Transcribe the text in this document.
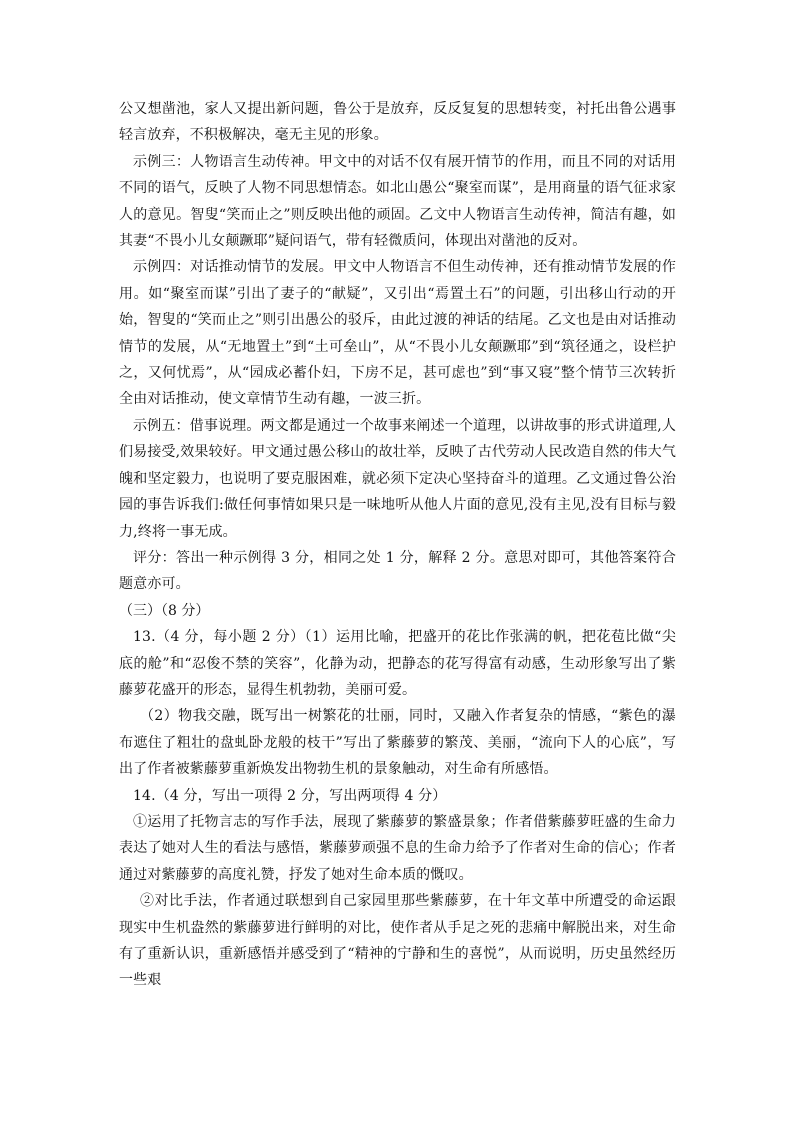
公又想凿池，家人又提出新问题，鲁公于是放弃，反反复复的思想转变，衬托出鲁公遇事轻言放弃，不积极解决，毫无主见的形象。

示例三：人物语言生动传神。甲文中的对话不仅有展开情节的作用，而且不同的对话用不同的语气，反映了人物不同思想情态。如北山愚公“聚室而谋”，是用商量的语气征求家人的意见。智叟“笑而止之”则反映出他的顽固。乙文中人物语言生动传神，简洁有趣，如其妻“不畏小儿女颠蹶耶”疑问语气，带有轻微质问，体现出对凿池的反对。

示例四：对话推动情节的发展。甲文中人物语言不但生动传神，还有推动情节发展的作用。如“聚室而谋”引出了妻子的“献疑”，又引出“焉置土石”的问题，引出移山行动的开始，智叟的“笑而止之”则引出愚公的驳斥，由此过渡的神话的结尾。乙文也是由对话推动情节的发展，从“无地置土”到“土可垒山”，从“不畏小儿女颠蹶耶”到“筑径通之，设栏护之，又何忧焉”，从“园成必蓄仆妇，下房不足，甚可虑也”到“事又寝”整个情节三次转折全由对话推动，使文章情节生动有趣，一波三折。

示例五：借事说理。两文都是通过一个故事来阐述一个道理，以讲故事的形式讲道理,人们易接受,效果较好。甲文通过愚公移山的故壮举，反映了古代劳动人民改造自然的伟大气魄和坚定毅力，也说明了要克服困难，就必须下定决心坚持奋斗的道理。乙文通过鲁公治园的事告诉我们:做任何事情如果只是一味地听从他人片面的意见,没有主见,没有目标与毅力,终将一事无成。

评分：答出一种示例得 3 分，相同之处 1 分，解释 2 分。意思对即可，其他答案符合题意亦可。

（三）（8 分）

13.（4 分，每小题 2 分）（1）运用比喻，把盛开的花比作张满的帆，把花苞比做“尖底的舱”和“忍俊不禁的笑容”，化静为动，把静态的花写得富有动感，生动形象写出了紫藤萝花盛开的形态，显得生机勃勃，美丽可爱。

（2）物我交融，既写出一树繁花的壮丽，同时，又融入作者复杂的情感，“紫色的瀑布遮住了粗壮的盘虬卧龙般的枝干”写出了紫藤萝的繁茂、美丽，“流向下人的心底”，写出了作者被紫藤萝重新焕发出物勃生机的景象触动，对生命有所感悟。

14.（4 分，写出一项得 2 分，写出两项得 4 分）

①运用了托物言志的写作手法，展现了紫藤萝的繁盛景象；作者借紫藤萝旺盛的生命力表达了她对人生的看法与感悟，紫藤萝顽强不息的生命力给予了作者对生命的信心；作者通过对紫藤萝的高度礼赞，抒发了她对生命本质的慨叹。

②对比手法，作者通过联想到自己家园里那些紫藤萝，在十年文革中所遭受的命运跟现实中生机盎然的紫藤萝进行鲜明的对比，使作者从手足之死的悲痛中解脱出来，对生命有了重新认识，重新感悟并感受到了“精神的宁静和生的喜悦”，从而说明，历史虽然经历一些艰
